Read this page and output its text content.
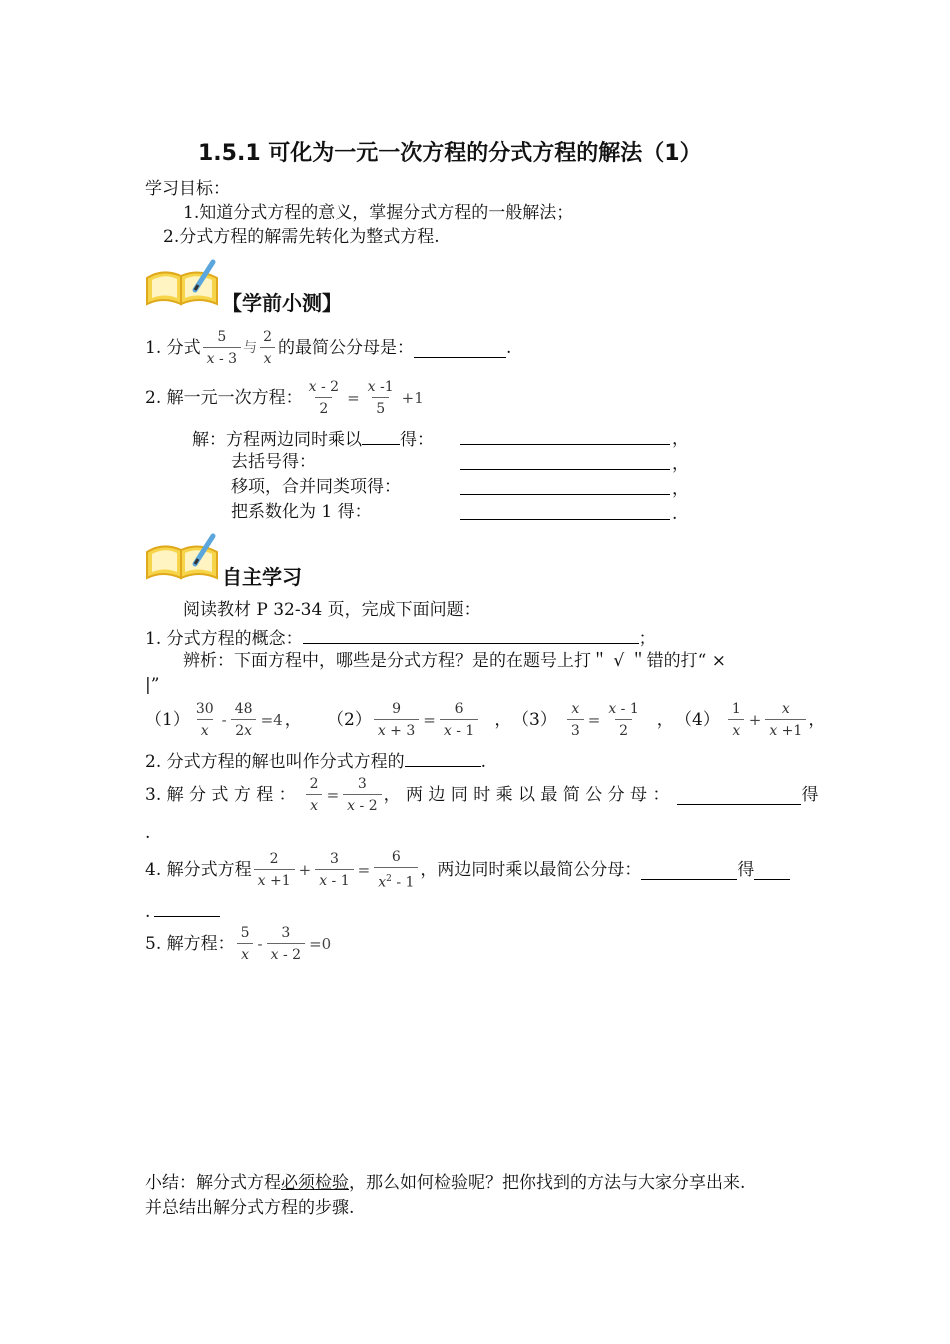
1.5.1 可化为一元一次方程的分式方程的解法（1）
学习目标：
1.知道分式方程的意义，掌握分式方程的一般解法；
2.分式方程的解需先转化为整式方程.
【学前小测】
1. 分式 $\frac{5}{x - 3}$ 与 $\frac{2}{x}$ 的最简公分母是：	.
2. 解一元一次方程： $\frac{x - 2}{2} = \frac{x -1}{5} +1$
解：方程两边同时乘以 得：	，
去括号得：	，
移项，合并同类项得：	，
把系数化为 1 得：	.
自主学习
阅读教材 P 32-34 页，完成下面问题：
1. 分式方程的概念：	；
辨析：下面方程中，哪些是分式方程？是的在题号上打＂ √ ＂错的打“ ×
|”
$(1) \frac{30}{x} - \frac{48}{2x} =4$ ， $(2) \frac{9}{x + 3} = \frac{6}{x - 1}$ ， $(3) \frac{x}{3} = \frac{x - 1}{2}$ ， $(4) \frac{1}{x} + \frac{x}{x +1}$ ，
2. 分式方程的解也叫作分式方程的	.
3. 解 分 式 方 程 ： $\frac{2}{x} = \frac{3}{x - 2}$ ， 两 边 同 时 乘 以 最 简 公 分 母 ：	得
.
4. 解分式方程 $\frac{2}{x +1} + \frac{3}{x - 1} = \frac{6}{x^2 - 1}$ ，两边同时乘以最简公分母：	得
.
5. 解方程： $\frac{5}{x} - \frac{3}{x - 2} =0$
小结：解分式方程必须检验，那么如何检验呢？把你找到的方法与大家分享出来.
并总结出解分式方程的步骤.
